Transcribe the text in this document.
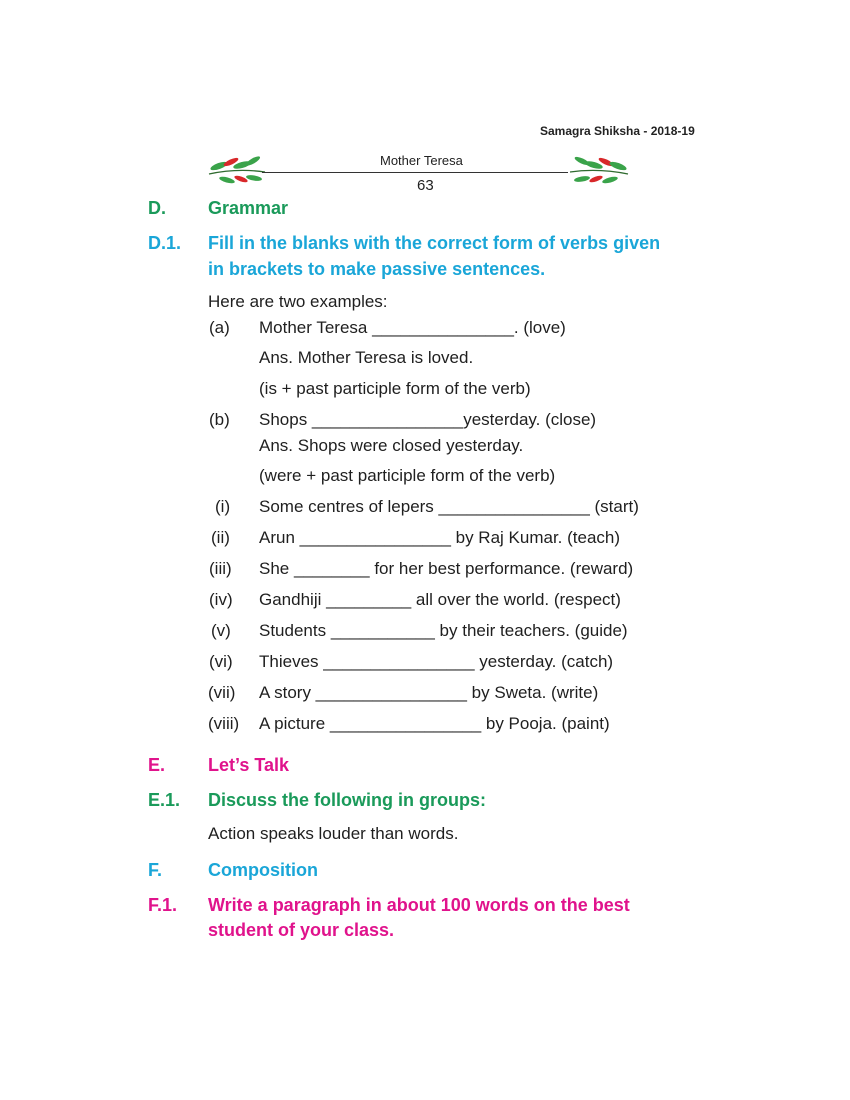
Samagra Shiksha - 2018-19
Mother Teresa
63
D. Grammar
D.1. Fill in the blanks with the correct form of verbs given
in brackets to make passive sentences.
Here are two examples:
(a) Mother Teresa _______________. (love)
Ans. Mother Teresa is loved.
(is + past participle form of the verb)
(b) Shops ________________yesterday. (close)
Ans. Shops were closed yesterday.
(were + past participle form of the verb)
(i) Some centres of lepers ________________ (start)
(ii) Arun ________________ by Raj Kumar. (teach)
(iii) She ________ for her best performance. (reward)
(iv) Gandhiji _________ all over the world. (respect)
(v) Students ___________ by their teachers. (guide)
(vi) Thieves ________________ yesterday. (catch)
(vii) A story ________________ by Sweta. (write)
(viii) A picture ________________ by Pooja. (paint)
E. Let’s Talk
E.1. Discuss the following in groups:
Action speaks louder than words.
F.	Composition
F.1. Write a paragraph in about 100 words on the best
student of your class.
